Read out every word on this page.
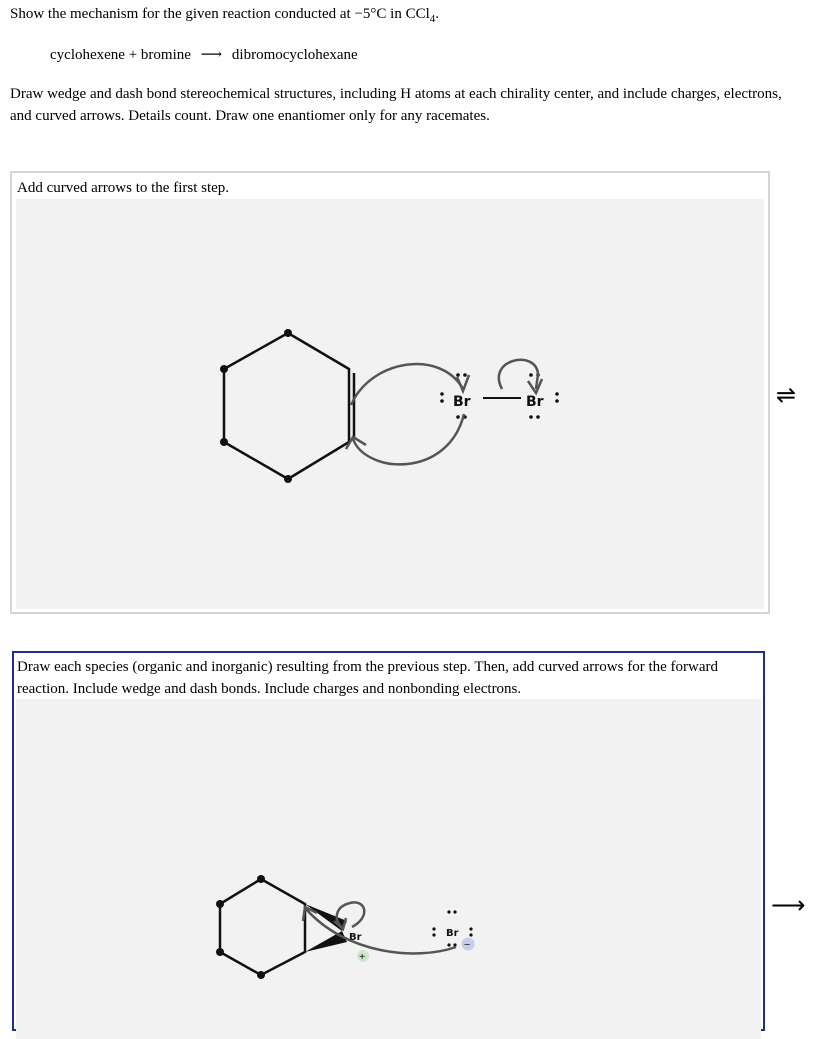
Show the mechanism for the given reaction conducted at −5°C in CCl$_4$.
cyclohexene + bromine ⟶ dibromocyclohexane
Draw wedge and dash bond stereochemical structures, including H atoms at each chirality center, and include charges, electrons, and curved arrows. Details count. Draw one enantiomer only for any racemates.
Add curved arrows to the first step.
Br	Br	⇌
Draw each species (organic and inorganic) resulting from the previous step. Then, add curved arrows for the forward reaction. Include wedge and dash bonds. Include charges and nonbonding electrons.
Br
+
Br
−
⟶
